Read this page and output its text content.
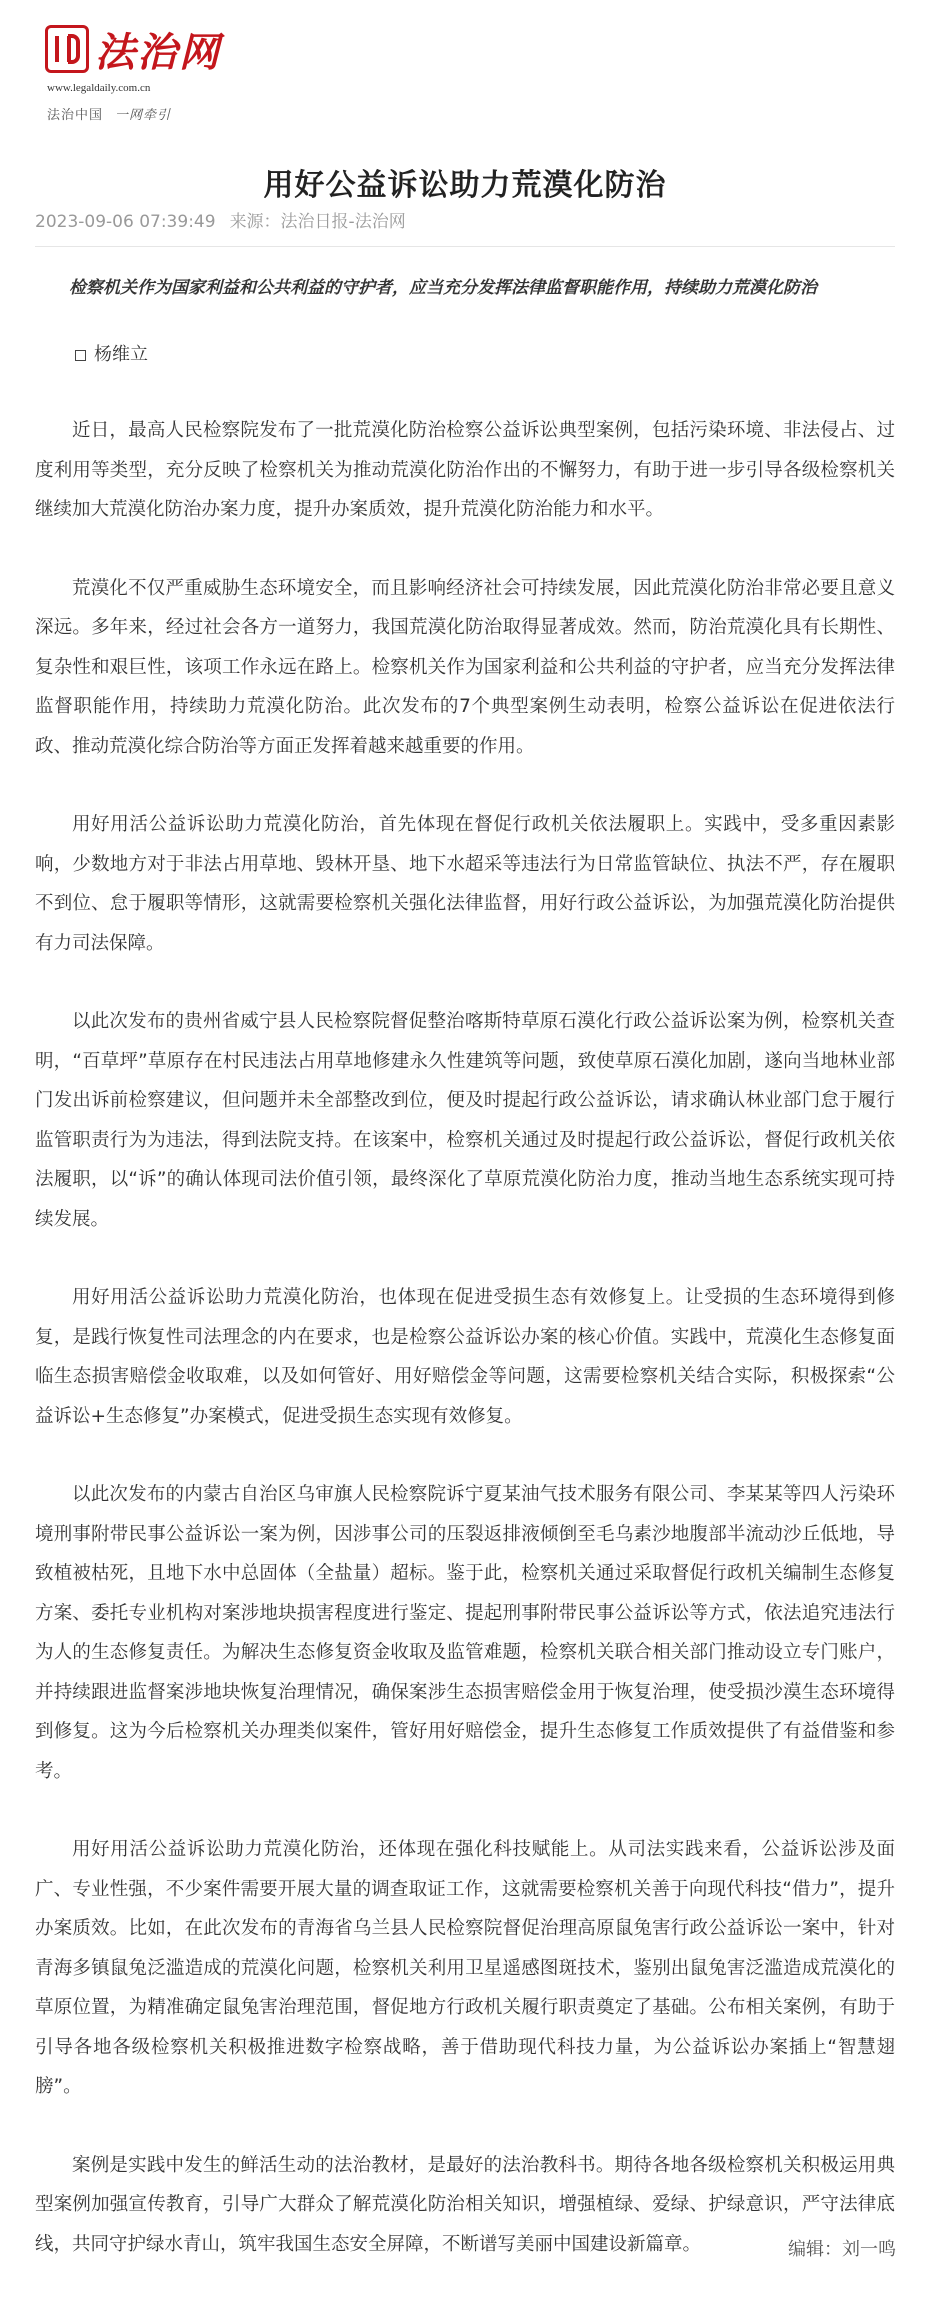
法治网
www.legaldaily.com.cn
法治中国 一网牵引
用好公益诉讼助力荒漠化防治
2023-09-06 07:39:49 来源：法治日报-法治网

检察机关作为国家利益和公共利益的守护者，应当充分发挥法律监督职能作用，持续助力荒漠化防治

杨维立

近日，最高人民检察院发布了一批荒漠化防治检察公益诉讼典型案例，包括污染环境、非法侵占、过度利用等类型，充分反映了检察机关为推动荒漠化防治作出的不懈努力，有助于进一步引导各级检察机关继续加大荒漠化防治办案力度，提升办案质效，提升荒漠化防治能力和水平。

荒漠化不仅严重威胁生态环境安全，而且影响经济社会可持续发展，因此荒漠化防治非常必要且意义深远。多年来，经过社会各方一道努力，我国荒漠化防治取得显著成效。然而，防治荒漠化具有长期性、复杂性和艰巨性，该项工作永远在路上。检察机关作为国家利益和公共利益的守护者，应当充分发挥法律监督职能作用，持续助力荒漠化防治。此次发布的7个典型案例生动表明，检察公益诉讼在促进依法行政、推动荒漠化综合防治等方面正发挥着越来越重要的作用。

用好用活公益诉讼助力荒漠化防治，首先体现在督促行政机关依法履职上。实践中，受多重因素影响，少数地方对于非法占用草地、毁林开垦、地下水超采等违法行为日常监管缺位、执法不严，存在履职不到位、怠于履职等情形，这就需要检察机关强化法律监督，用好行政公益诉讼，为加强荒漠化防治提供有力司法保障。

以此次发布的贵州省威宁县人民检察院督促整治喀斯特草原石漠化行政公益诉讼案为例，检察机关查明，“百草坪”草原存在村民违法占用草地修建永久性建筑等问题，致使草原石漠化加剧，遂向当地林业部门发出诉前检察建议，但问题并未全部整改到位，便及时提起行政公益诉讼，请求确认林业部门怠于履行监管职责行为为违法，得到法院支持。在该案中，检察机关通过及时提起行政公益诉讼，督促行政机关依法履职，以“诉”的确认体现司法价值引领，最终深化了草原荒漠化防治力度，推动当地生态系统实现可持续发展。

用好用活公益诉讼助力荒漠化防治，也体现在促进受损生态有效修复上。让受损的生态环境得到修复，是践行恢复性司法理念的内在要求，也是检察公益诉讼办案的核心价值。实践中，荒漠化生态修复面临生态损害赔偿金收取难，以及如何管好、用好赔偿金等问题，这需要检察机关结合实际，积极探索“公益诉讼+生态修复”办案模式，促进受损生态实现有效修复。

以此次发布的内蒙古自治区乌审旗人民检察院诉宁夏某油气技术服务有限公司、李某某等四人污染环境刑事附带民事公益诉讼一案为例，因涉事公司的压裂返排液倾倒至毛乌素沙地腹部半流动沙丘低地，导致植被枯死，且地下水中总固体（全盐量）超标。鉴于此，检察机关通过采取督促行政机关编制生态修复方案、委托专业机构对案涉地块损害程度进行鉴定、提起刑事附带民事公益诉讼等方式，依法追究违法行为人的生态修复责任。为解决生态修复资金收取及监管难题，检察机关联合相关部门推动设立专门账户，并持续跟进监督案涉地块恢复治理情况，确保案涉生态损害赔偿金用于恢复治理，使受损沙漠生态环境得到修复。这为今后检察机关办理类似案件，管好用好赔偿金，提升生态修复工作质效提供了有益借鉴和参考。

用好用活公益诉讼助力荒漠化防治，还体现在强化科技赋能上。从司法实践来看，公益诉讼涉及面广、专业性强，不少案件需要开展大量的调查取证工作，这就需要检察机关善于向现代科技“借力”，提升办案质效。比如，在此次发布的青海省乌兰县人民检察院督促治理高原鼠兔害行政公益诉讼一案中，针对青海多镇鼠兔泛滥造成的荒漠化问题，检察机关利用卫星遥感图斑技术，鉴别出鼠兔害泛滥造成荒漠化的草原位置，为精准确定鼠兔害治理范围，督促地方行政机关履行职责奠定了基础。公布相关案例，有助于引导各地各级检察机关积极推进数字检察战略，善于借助现代科技力量，为公益诉讼办案插上“智慧翅膀”。

案例是实践中发生的鲜活生动的法治教材，是最好的法治教科书。期待各地各级检察机关积极运用典型案例加强宣传教育，引导广大群众了解荒漠化防治相关知识，增强植绿、爱绿、护绿意识，严守法律底线，共同守护绿水青山，筑牢我国生态安全屏障，不断谱写美丽中国建设新篇章。	编辑：刘一鸣
